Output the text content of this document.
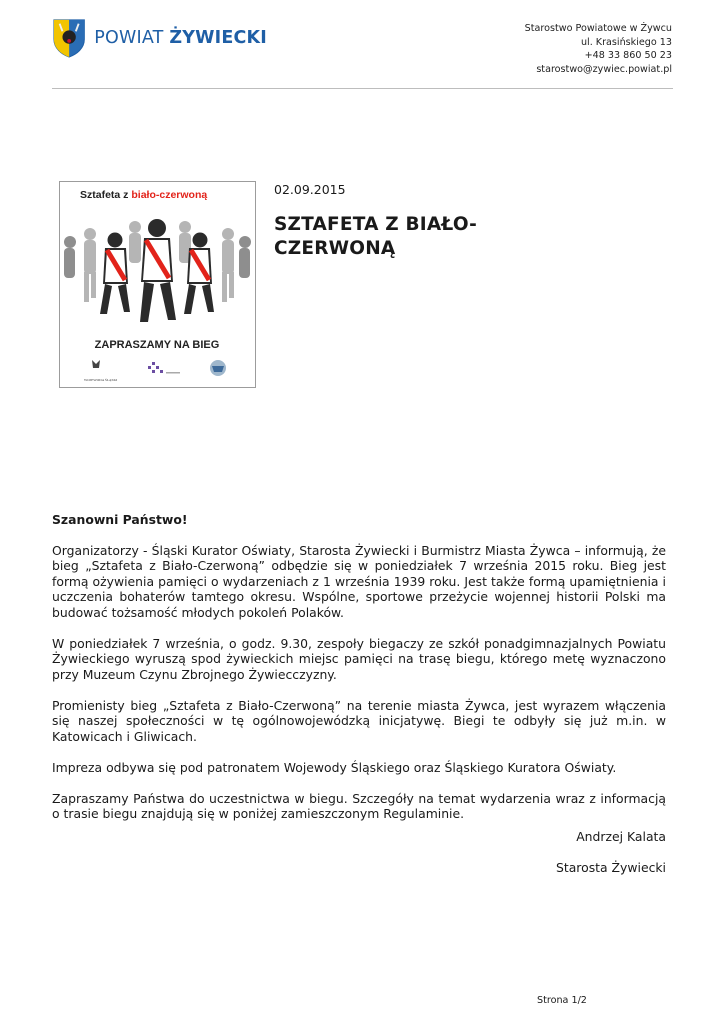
POWIAT ŻYWIECKI	Starostwo Powiatowe w Żywcu
ul. Krasińskiego 13
+48 33 860 50 23
starostwo@zywiec.powiat.pl
Sztafeta z biało-czerwoną
ZAPRASZAMY NA BIEG
WOJEWODA ŚLĄSKI
02.09.2015
SZTAFETA Z BIAŁO-CZERWONĄ
Szanowni Państwo!

Organizatorzy - Śląski Kurator Oświaty, Starosta Żywiecki i Burmistrz Miasta Żywca – informują, że bieg „Sztafeta z Biało-Czerwoną” odbędzie się w poniedziałek 7 września 2015 roku. Bieg jest formą ożywienia pamięci o wydarzeniach z 1 września 1939 roku. Jest także formą upamiętnienia i uczczenia bohaterów tamtego okresu. Wspólne, sportowe przeżycie wojennej historii Polski ma budować tożsamość młodych pokoleń Polaków.

W poniedziałek 7 września, o godz. 9.30, zespoły biegaczy ze szkół ponadgimnazjalnych Powiatu Żywieckiego wyruszą spod żywieckich miejsc pamięci na trasę biegu, którego metę wyznaczono przy Muzeum Czynu Zbrojnego Żywiecczyzny.

Promienisty bieg „Sztafeta z Biało-Czerwoną” na terenie miasta Żywca, jest wyrazem włączenia się naszej społeczności w tę ogólnowojewódzką inicjatywę. Biegi te odbyły się już m.in. w Katowicach i Gliwicach.

Impreza odbywa się pod patronatem Wojewody Śląskiego oraz Śląskiego Kuratora Oświaty.

Zapraszamy Państwa do uczestnictwa w biegu. Szczegóły na temat wydarzenia wraz z informacją o trasie biegu znajdują się w poniżej zamieszczonym Regulaminie.

Andrzej Kalata
Starosta Żywiecki
Strona 1/2
